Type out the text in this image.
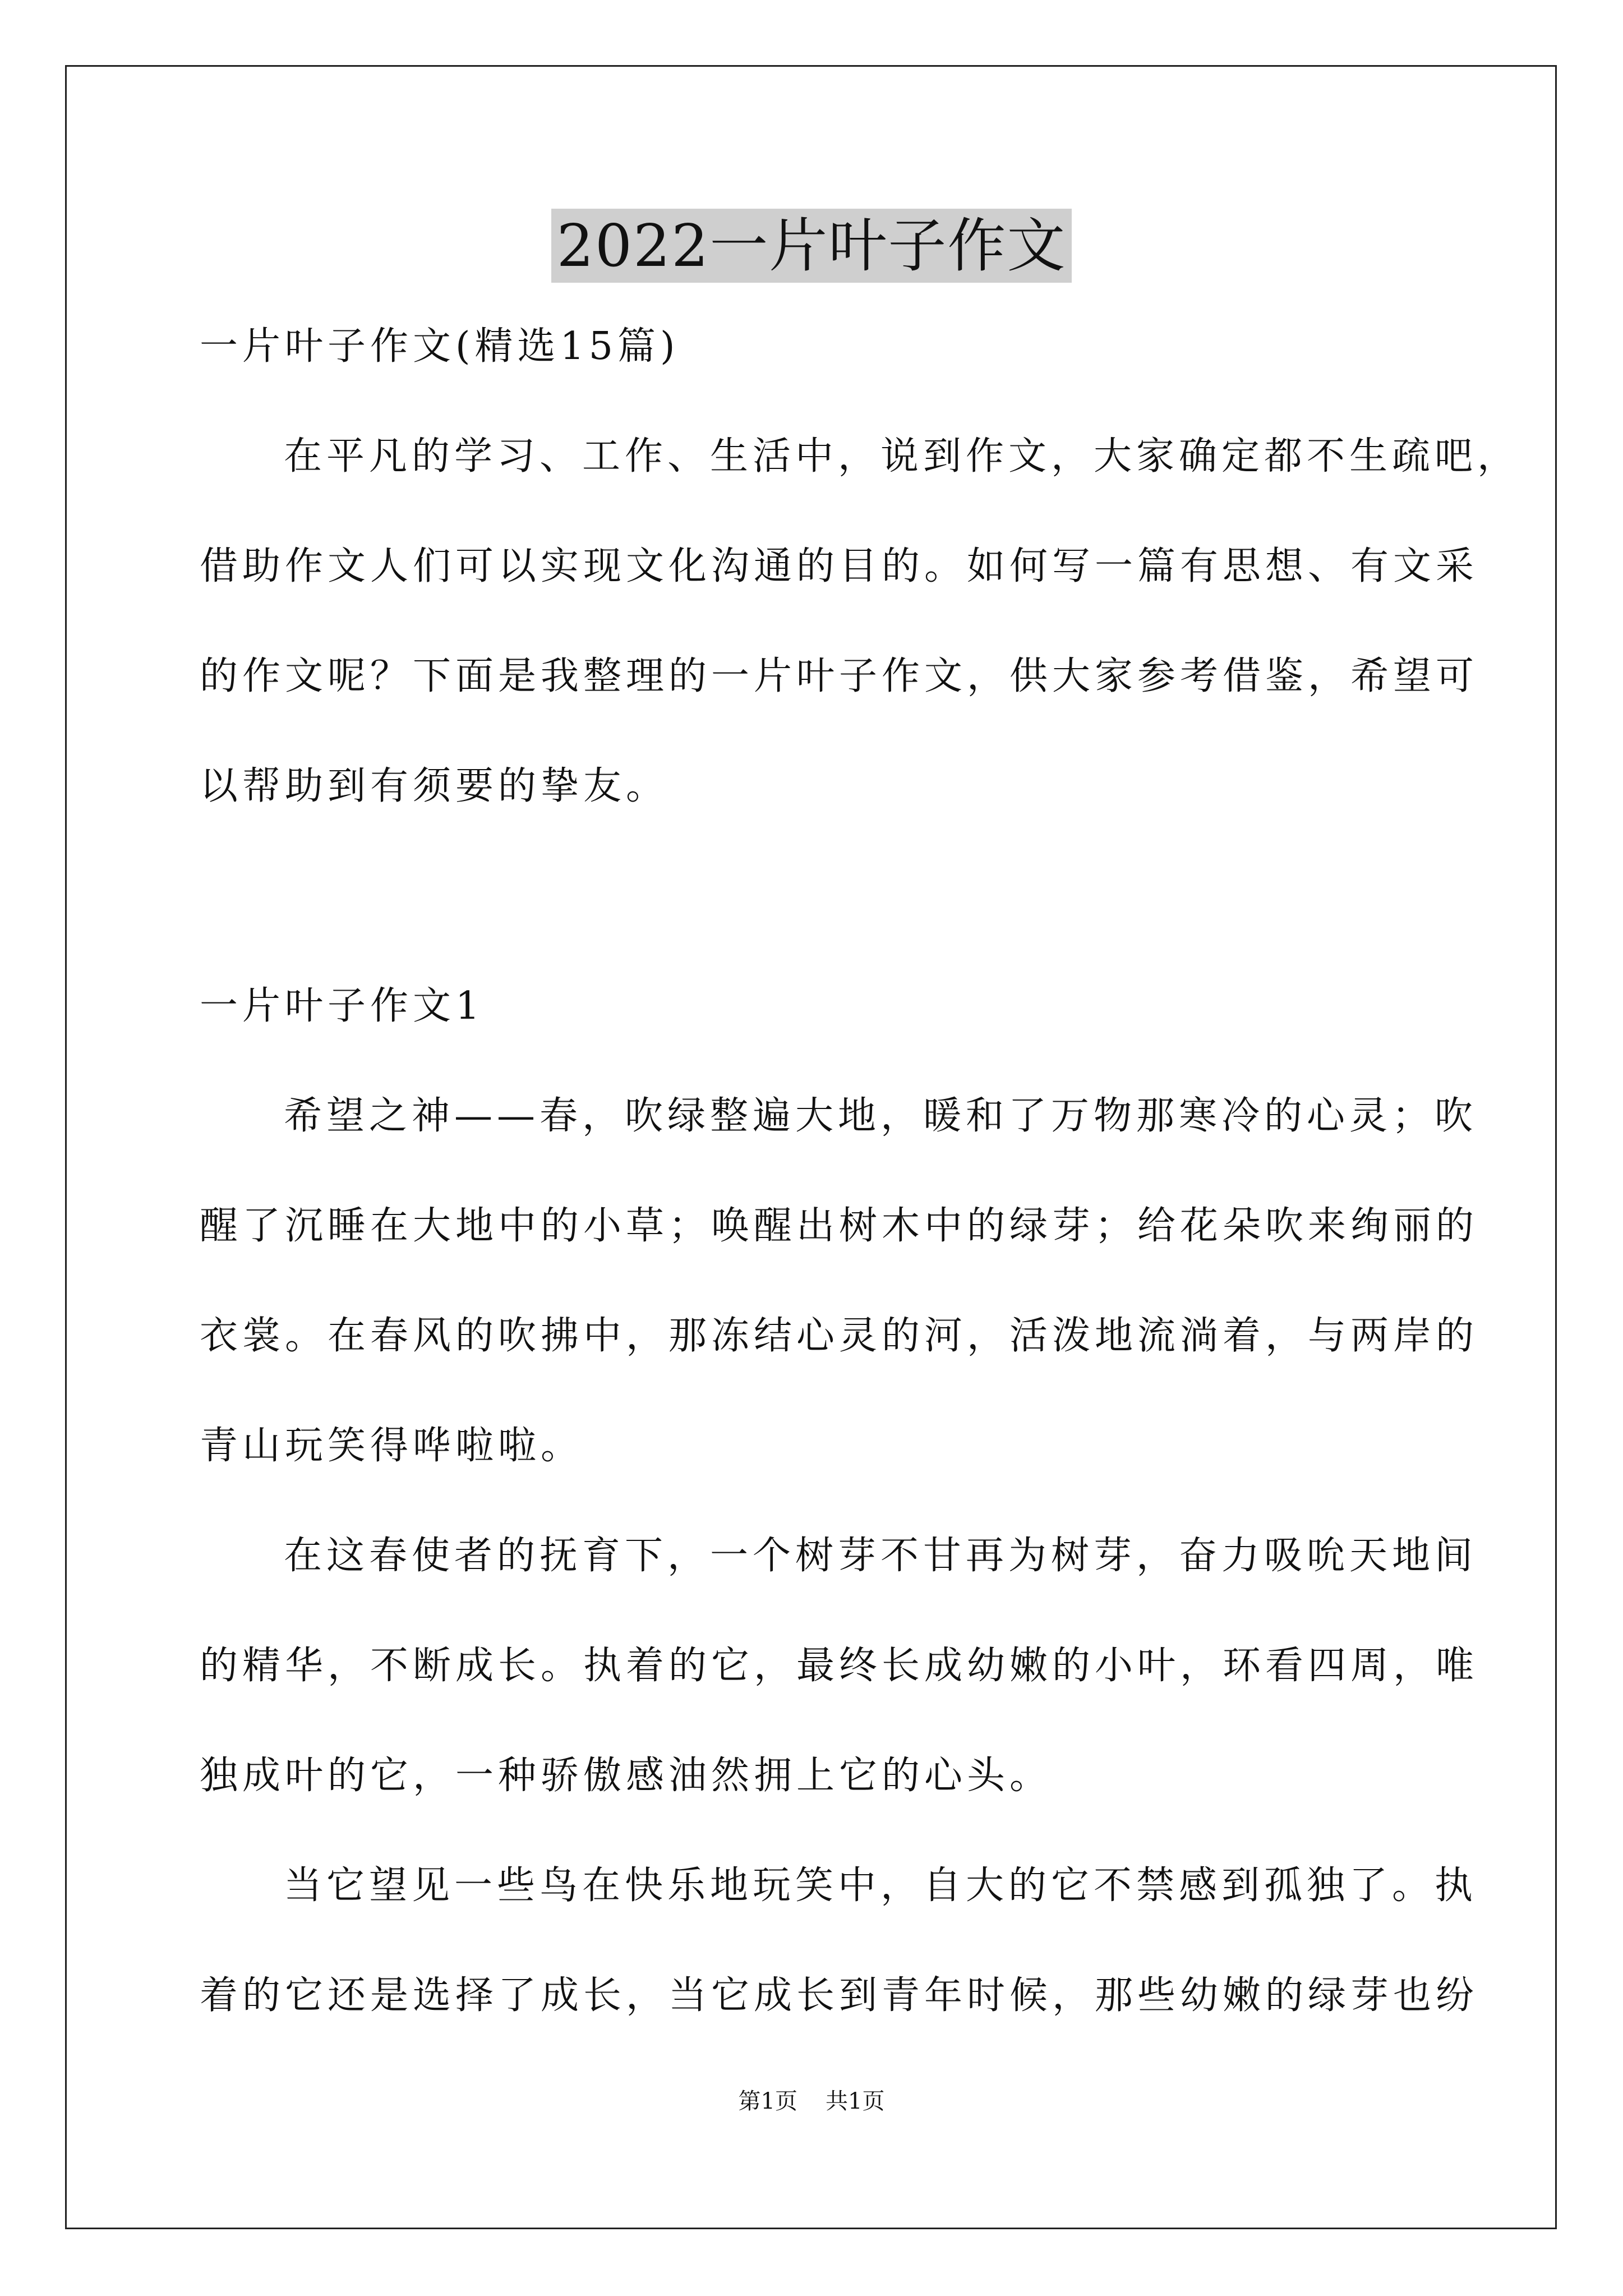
2022一片叶子作文
一片叶子作文(精选15篇)
在平凡的学习、工作、生活中，说到作文，大家确定都不生疏吧，
借助作文人们可以实现文化沟通的目的。如何写一篇有思想、有文采
的作文呢？下面是我整理的一片叶子作文，供大家参考借鉴，希望可
以帮助到有须要的挚友。
一片叶子作文1
希望之神——春，吹绿整遍大地，暖和了万物那寒冷的心灵；吹
醒了沉睡在大地中的小草；唤醒出树木中的绿芽；给花朵吹来绚丽的
衣裳。在春风的吹拂中，那冻结心灵的河，活泼地流淌着，与两岸的
青山玩笑得哗啦啦。
在这春使者的抚育下，一个树芽不甘再为树芽，奋力吸吮天地间
的精华，不断成长。执着的它，最终长成幼嫩的小叶，环看四周，唯
独成叶的它，一种骄傲感油然拥上它的心头。
当它望见一些鸟在快乐地玩笑中，自大的它不禁感到孤独了。执
着的它还是选择了成长，当它成长到青年时候，那些幼嫩的绿芽也纷
第1页 共1页
